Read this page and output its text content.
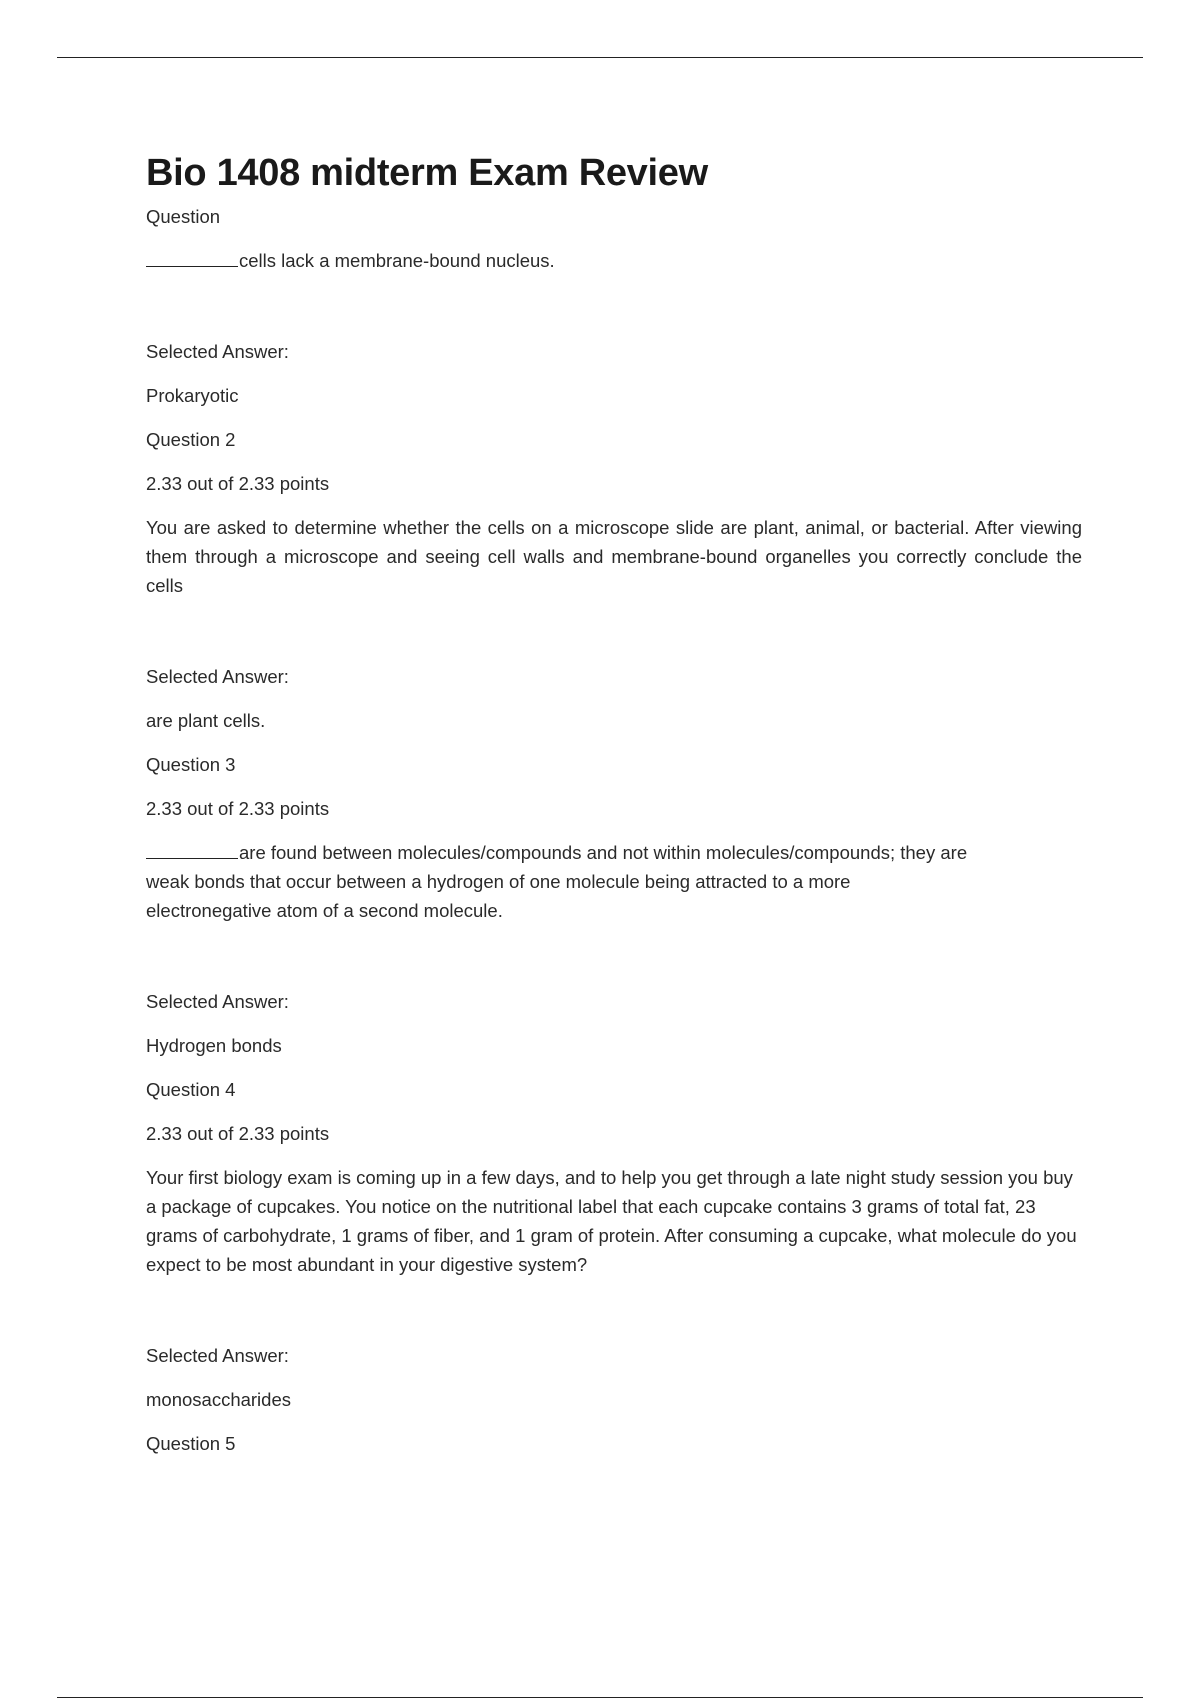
Bio 1408 midterm Exam Review

Question

cells lack a membrane-bound nucleus.

Selected Answer:

Prokaryotic

Question 2

2.33 out of 2.33 points

You are asked to determine whether the cells on a microscope slide are plant, animal, or bacterial. After viewing them through a microscope and seeing cell walls and membrane-bound organelles you correctly conclude the cells

Selected Answer:

are plant cells.

Question 3

2.33 out of 2.33 points

are found between molecules/compounds and not within molecules/compounds; they are
weak bonds that occur between a hydrogen of one molecule being attracted to a more
electronegative atom of a second molecule.

Selected Answer:

Hydrogen bonds

Question 4

2.33 out of 2.33 points

Your first biology exam is coming up in a few days, and to help you get through a late night study session you buy a package of cupcakes. You notice on the nutritional label that each cupcake contains 3 grams of total fat, 23 grams of carbohydrate, 1 grams of fiber, and 1 gram of protein. After consuming a cupcake, what molecule do you expect to be most abundant in your digestive system?

Selected Answer:

monosaccharides

Question 5
